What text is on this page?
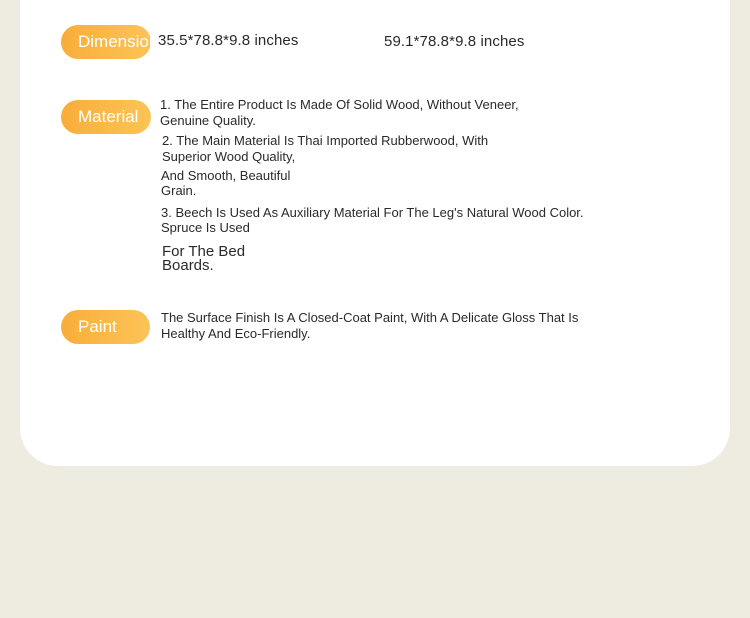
Dimensions
35.5*78.8*9.8 inches	59.1*78.8*9.8 inches
Material
1. The Entire Product Is Made Of Solid Wood, Without Veneer,
Genuine Quality.
2. The Main Material Is Thai Imported Rubberwood, With
Superior Wood Quality,
And Smooth, Beautiful
Grain.
3. Beech Is Used As Auxiliary Material For The Leg's Natural Wood Color.
Spruce Is Used
For The Bed
Boards.
Paint	The Surface Finish Is A Closed-Coat Paint, With A Delicate Gloss That Is
Healthy And Eco-Friendly.
